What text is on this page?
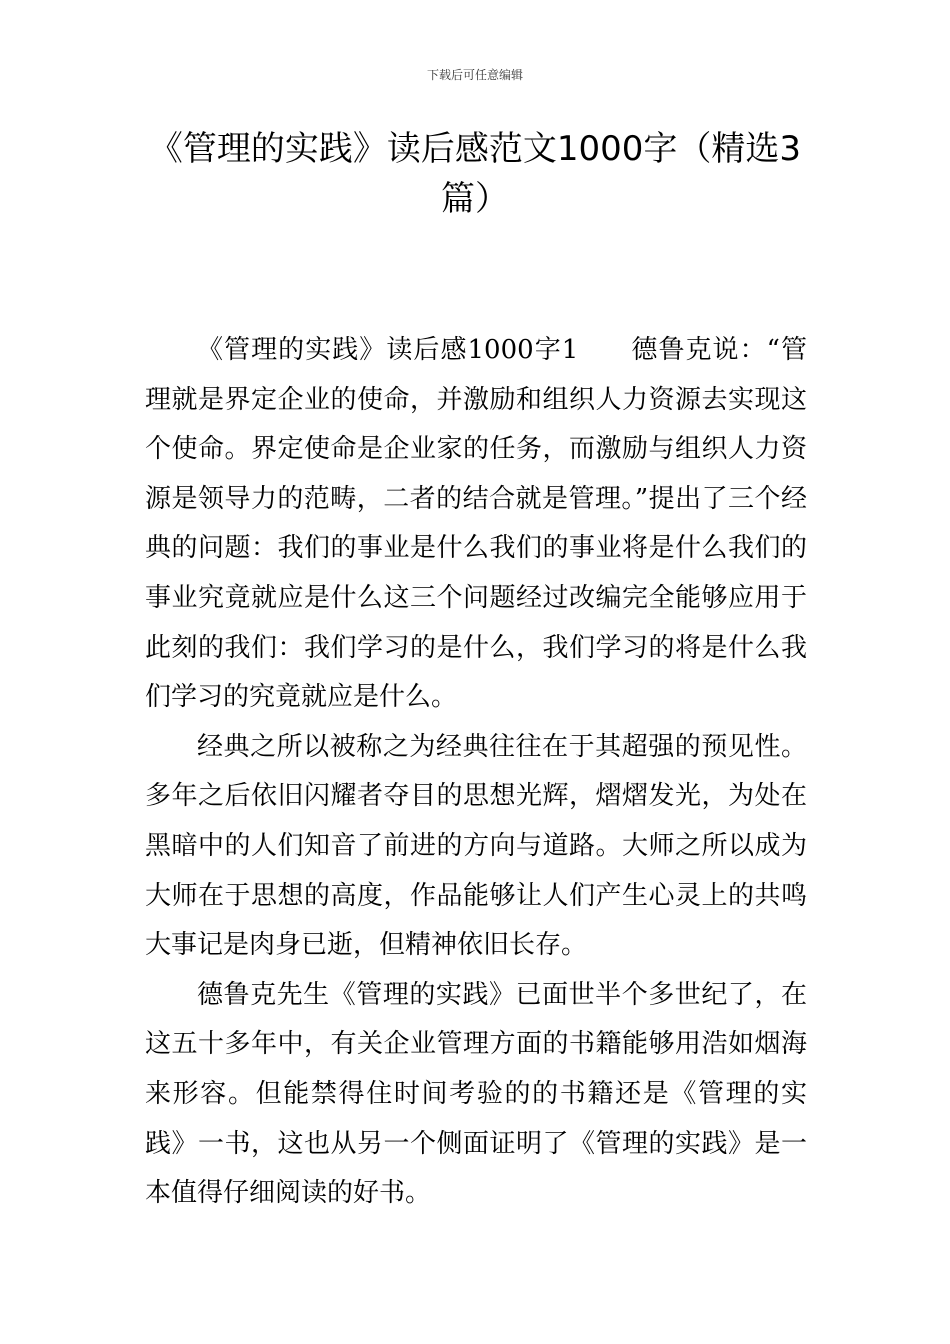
下载后可任意编辑
《管理的实践》读后感范文1000字（精选3篇）

《管理的实践》读后感1000字1 德鲁克说：“管理就是界定企业的使命，并激励和组织人力资源去实现这个使命。界定使命是企业家的任务，而激励与组织人力资源是领导力的范畴，二者的结合就是管理。”提出了三个经典的问题：我们的事业是什么我们的事业将是什么我们的事业究竟就应是什么这三个问题经过改编完全能够应用于此刻的我们：我们学习的是什么，我们学习的将是什么我们学习的究竟就应是什么。

经典之所以被称之为经典往往在于其超强的预见性。多年之后依旧闪耀者夺目的思想光辉，熠熠发光，为处在黑暗中的人们知音了前进的方向与道路。大师之所以成为大师在于思想的高度，作品能够让人们产生心灵上的共鸣大事记是肉身已逝，但精神依旧长存。

德鲁克先生《管理的实践》已面世半个多世纪了，在这五十多年中，有关企业管理方面的书籍能够用浩如烟海来形容。但能禁得住时间考验的的书籍还是《管理的实践》一书，这也从另一个侧面证明了《管理的实践》是一本值得仔细阅读的好书。
